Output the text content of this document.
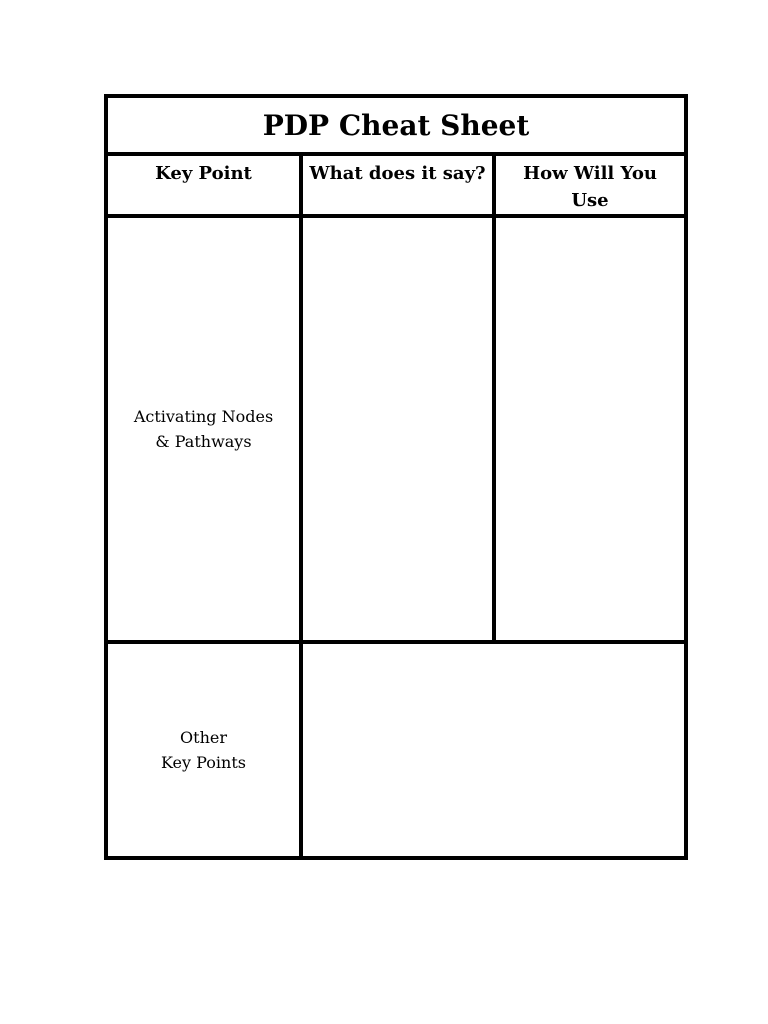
PDP Cheat Sheet		
Key Point	What does it say?	How Will You
Use

Activating Nodes
& Pathways		

Other
Key Points		
